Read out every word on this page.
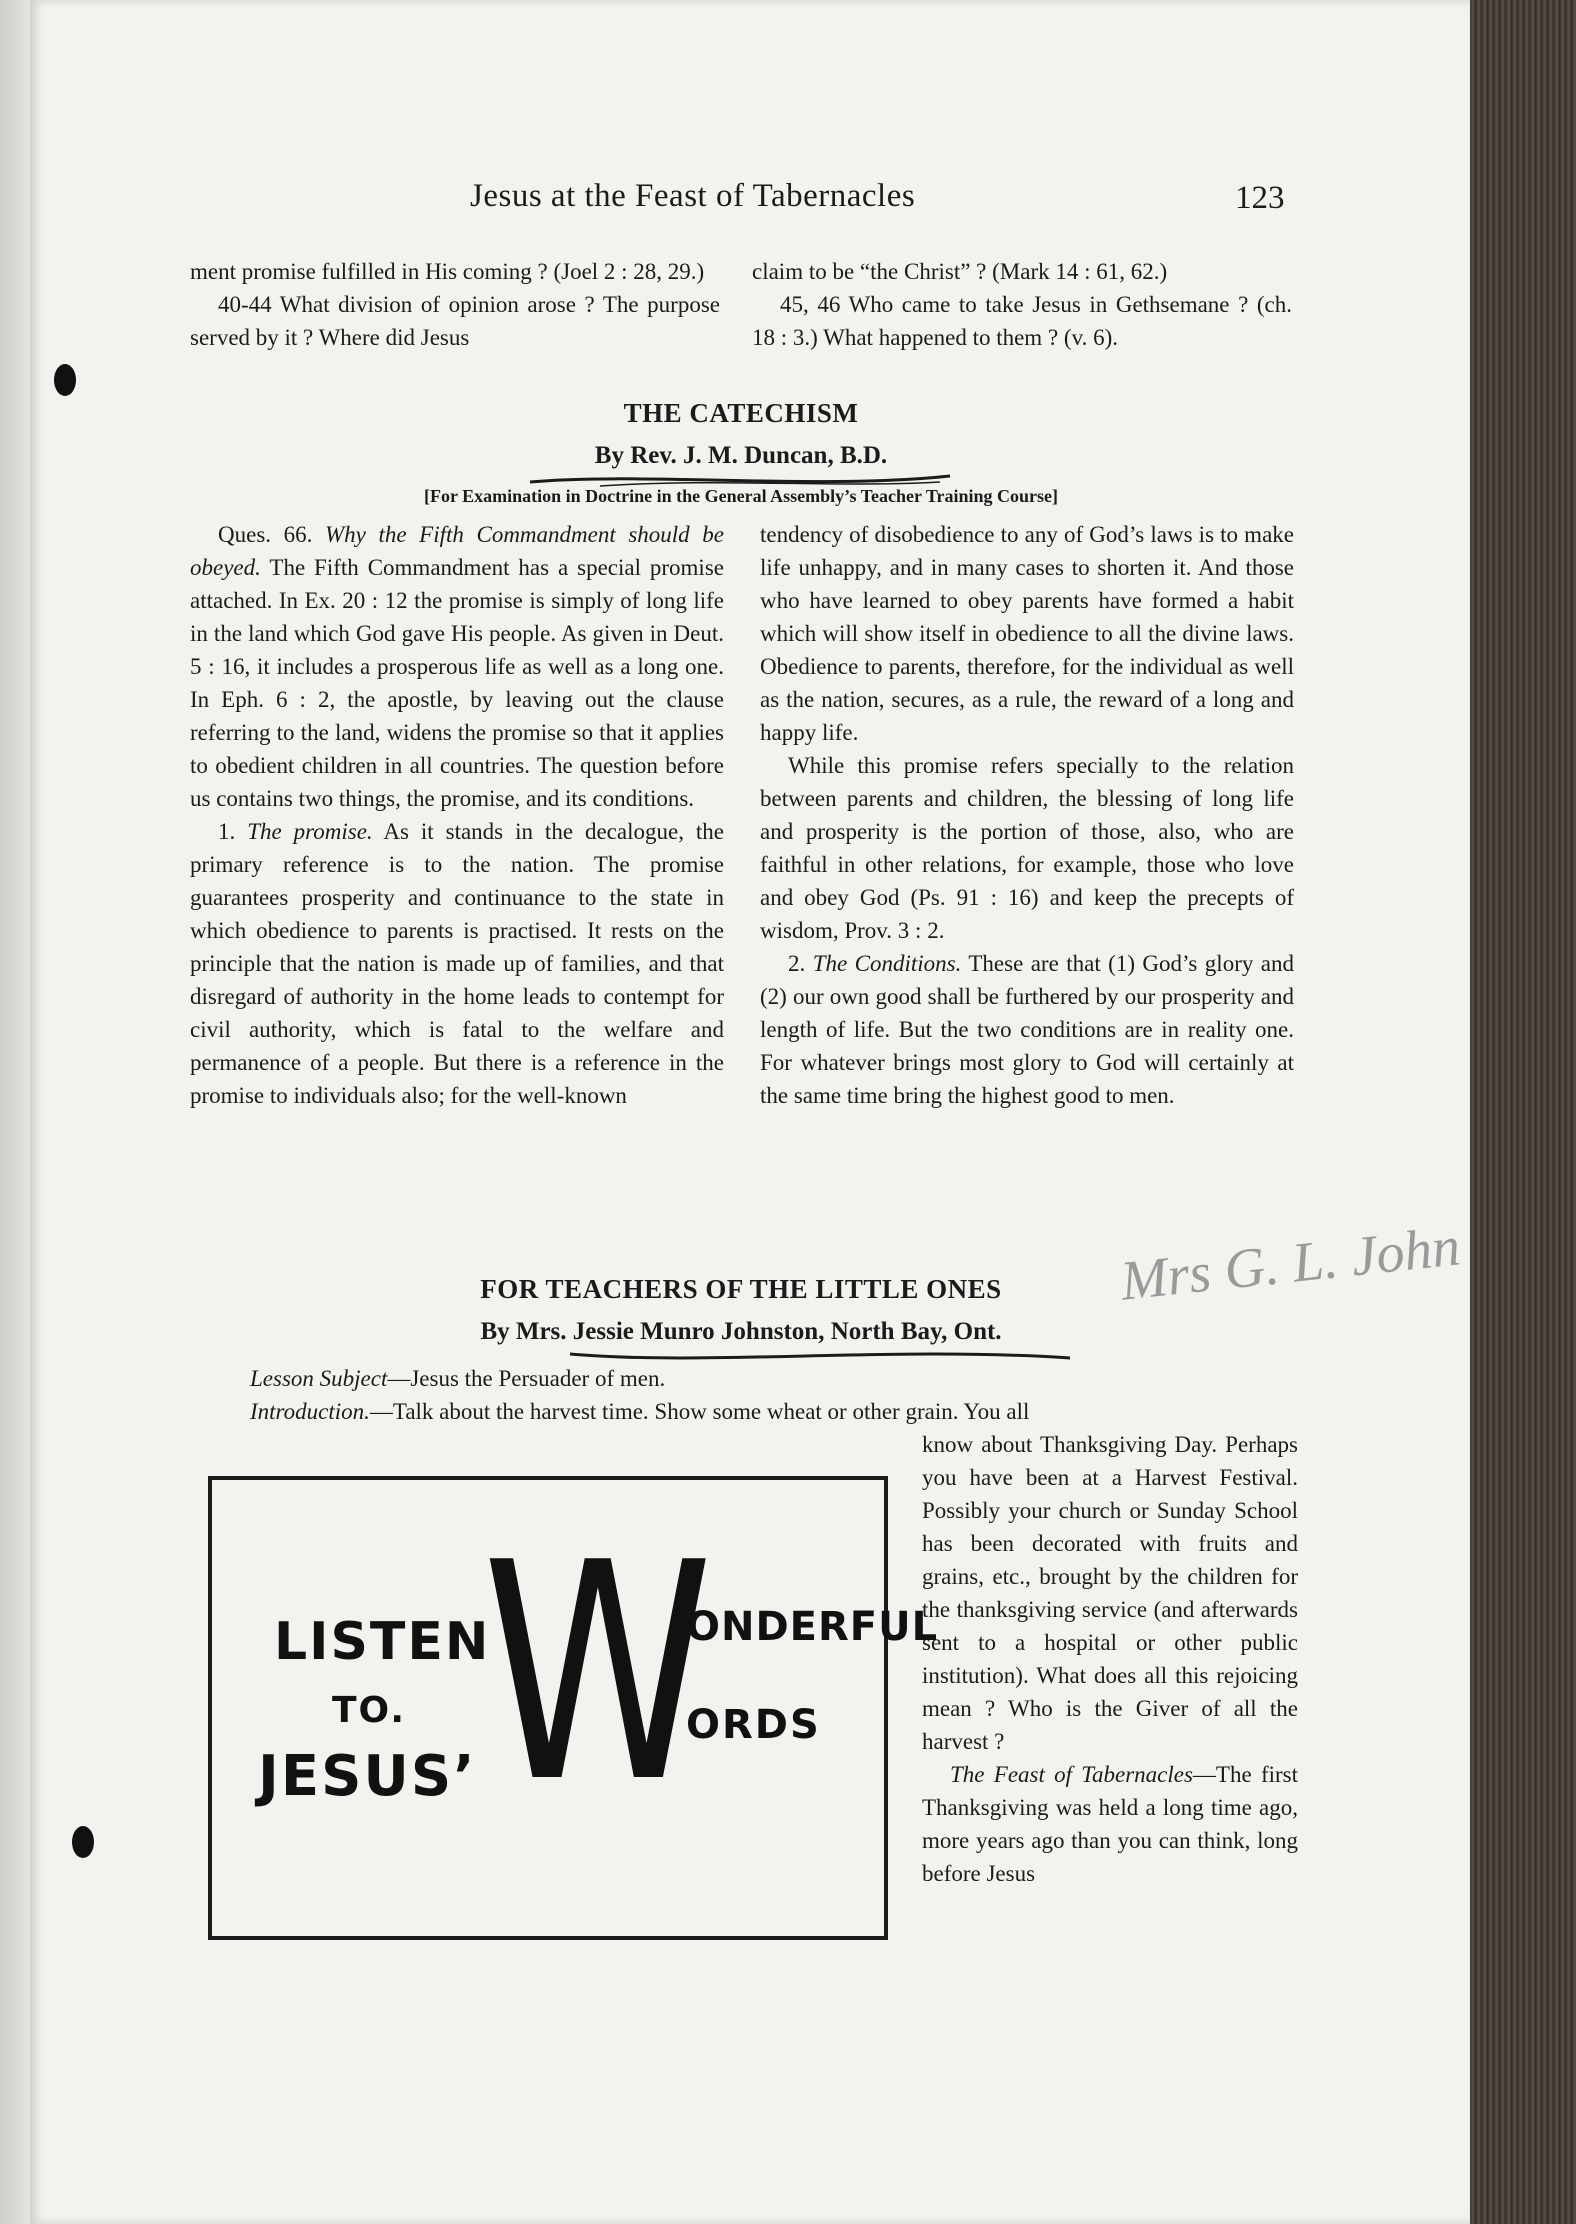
Jesus at the Feast of Tabernacles	123

ment promise fulfilled in His coming ? (Joel 2 : 28, 29.)

40-44 What division of opinion arose ? The purpose served by it ? Where did Jesus

claim to be “the Christ” ? (Mark 14 : 61, 62.)

45, 46 Who came to take Jesus in Gethsemane ? (ch. 18 : 3.) What happened to them ? (v. 6).

THE CATECHISM
By Rev. J. M. Duncan, B.D.
[For Examination in Doctrine in the General Assembly’s Teacher Training Course]

Ques. 66. Why the Fifth Commandment should be obeyed. The Fifth Commandment has a special promise attached. In Ex. 20 : 12 the promise is simply of long life in the land which God gave His people. As given in Deut. 5 : 16, it includes a prosperous life as well as a long one. In Eph. 6 : 2, the apostle, by leaving out the clause referring to the land, widens the promise so that it applies to obedient children in all countries. The question before us contains two things, the promise, and its conditions.

1. The promise. As it stands in the decalogue, the primary reference is to the nation. The promise guarantees prosperity and continuance to the state in which obedience to parents is practised. It rests on the principle that the nation is made up of families, and that disregard of authority in the home leads to contempt for civil authority, which is fatal to the welfare and permanence of a people. But there is a reference in the promise to individuals also; for the well-known

tendency of disobedience to any of God’s laws is to make life unhappy, and in many cases to shorten it. And those who have learned to obey parents have formed a habit which will show itself in obedience to all the divine laws. Obedience to parents, therefore, for the individual as well as the nation, secures, as a rule, the reward of a long and happy life.

While this promise refers specially to the relation between parents and children, the blessing of long life and prosperity is the portion of those, also, who are faithful in other relations, for example, those who love and obey God (Ps. 91 : 16) and keep the precepts of wisdom, Prov. 3 : 2.

2. The Conditions. These are that (1) God’s glory and (2) our own good shall be furthered by our prosperity and length of life. But the two conditions are in reality one. For whatever brings most glory to God will certainly at the same time bring the highest good to men.

FOR TEACHERS OF THE LITTLE ONES
By Mrs. Jessie Munro Johnston, North Bay, Ont.
Mrs G. L. John

Lesson Subject—Jesus the Persuader of men.

Introduction.—Talk about the harvest time. Show some wheat or other grain. You all

know about Thanksgiving Day. Perhaps you have been at a Harvest Festival. Possibly your church or Sunday School has been decorated with fruits and grains, etc., brought by the children for the thanksgiving service (and afterwards sent to a hospital or other public institution). What does all this rejoicing mean ? Who is the Giver of all the harvest ?

The Feast of Tabernacles—The first Thanksgiving was held a long time ago, more years ago than you can think, long before Jesus

LISTEN
TO.
JESUS’ W
ONDERFUL
ORDS
